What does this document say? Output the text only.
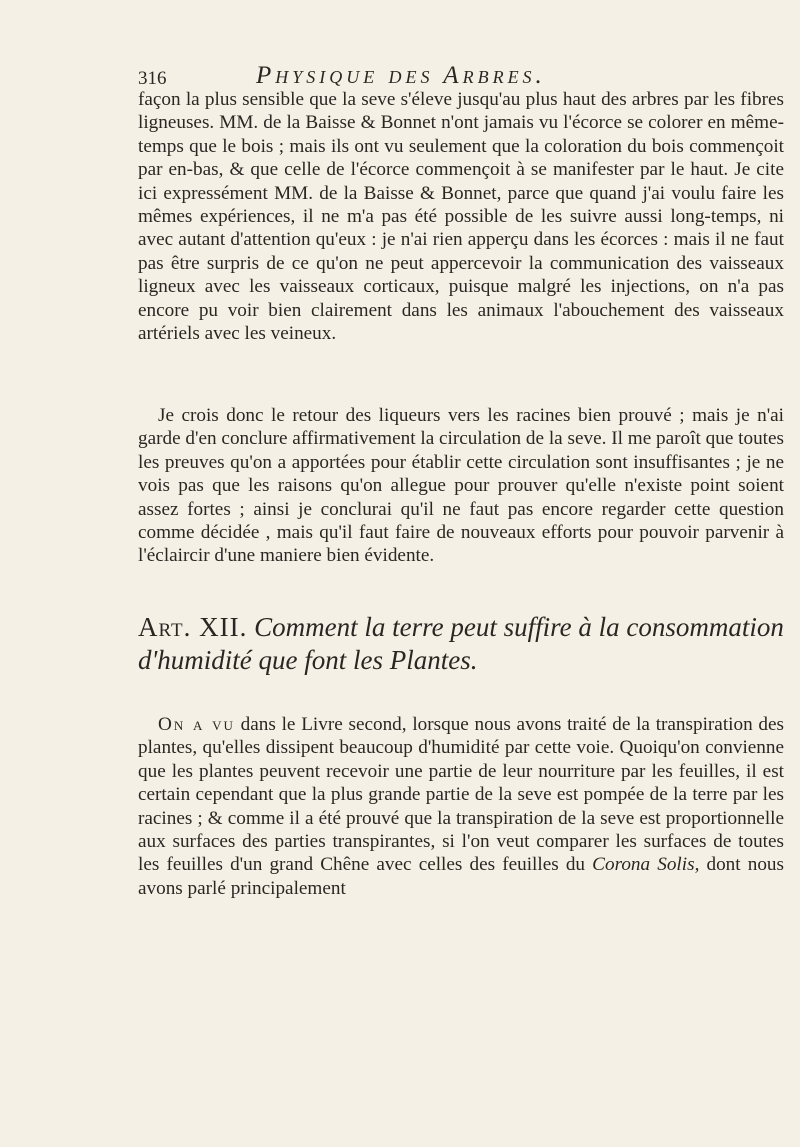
316	Physique des Arbres.

façon la plus sensible que la seve s'éleve jusqu'au plus haut des arbres par les fibres ligneuses. MM. de la Baisse & Bonnet n'ont jamais vu l'écorce se colorer en même-temps que le bois ; mais ils ont vu seulement que la coloration du bois commençoit par en-bas, & que celle de l'écorce commençoit à se manifester par le haut. Je cite ici expressément MM. de la Baisse & Bonnet, parce que quand j'ai voulu faire les mêmes expériences, il ne m'a pas été possible de les suivre aussi long-temps, ni avec autant d'attention qu'eux : je n'ai rien apperçu dans les écorces : mais il ne faut pas être surpris de ce qu'on ne peut appercevoir la communication des vaisseaux ligneux avec les vaisseaux corticaux, puisque malgré les injections, on n'a pas encore pu voir bien clairement dans les animaux l'abouchement des vaisseaux artériels avec les veineux.

Je crois donc le retour des liqueurs vers les racines bien prouvé ; mais je n'ai garde d'en conclure affirmativement la circulation de la seve. Il me paroît que toutes les preuves qu'on a apportées pour établir cette circulation sont insuffisantes ; je ne vois pas que les raisons qu'on allegue pour prouver qu'elle n'existe point soient assez fortes ; ainsi je conclurai qu'il ne faut pas encore regarder cette question comme décidée , mais qu'il faut faire de nouveaux efforts pour pouvoir parvenir à l'éclaircir d'une maniere bien évidente.

Art. XII. Comment la terre peut suffire à la consommation d'humidité que font les Plantes.

On a vu dans le Livre second, lorsque nous avons traité de la transpiration des plantes, qu'elles dissipent beaucoup d'humidité par cette voie. Quoiqu'on convienne que les plantes peuvent recevoir une partie de leur nourriture par les feuilles, il est certain cependant que la plus grande partie de la seve est pompée de la terre par les racines ; & comme il a été prouvé que la transpiration de la seve est proportionnelle aux surfaces des parties transpirantes, si l'on veut comparer les surfaces de toutes les feuilles d'un grand Chêne avec celles des feuilles du Corona Solis, dont nous avons parlé principalement
